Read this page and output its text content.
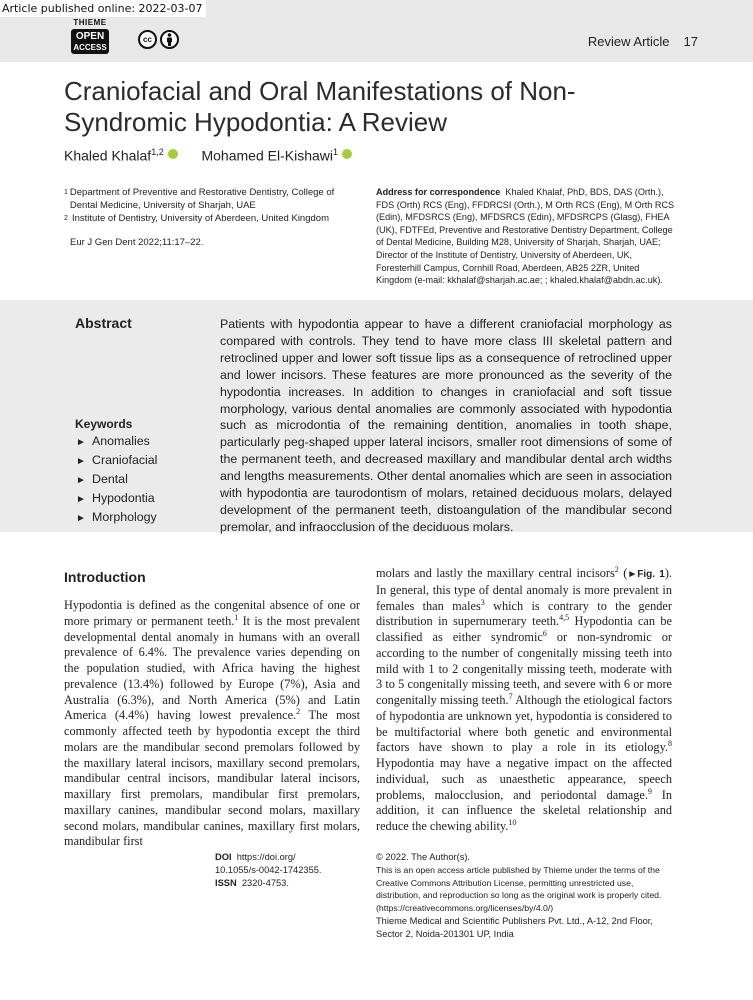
Article published online: 2022-03-07
THIEME
OPEN
ACCESS
cc	Review Article 17
Craniofacial and Oral Manifestations of Non-Syndromic Hypodontia: A Review
Khaled Khalaf$^{1,2}$	Mohamed El-Kishawi$^1$
1 Department of Preventive and Restorative Dentistry, College of Dental Medicine, University of Sharjah, UAE
2 Institute of Dentistry, University of Aberdeen, United Kingdom
Eur J Gen Dent 2022;11:17–22.
Address for correspondence Khaled Khalaf, PhD, BDS, DAS (Orth.), FDS (Orth) RCS (Eng), FFDRCSI (Orth.), M Orth RCS (Eng), M Orth RCS (Edin), MFDSRCS (Eng), MFDSRCS (Edin), MFDSRCPS (Glasg), FHEA (UK), FDTFEd, Preventive and Restorative Dentistry Department, College of Dental Medicine, Building M28, University of Sharjah, Sharjah, UAE; Director of the Institute of Dentistry, University of Aberdeen, UK, Foresterhill Campus, Cornhill Road, Aberdeen, AB25 2ZR, United Kingdom (e-mail: kkhalaf@sharjah.ac.ae; ; khaled.khalaf@abdn.ac.uk).
Abstract	Patients with hypodontia appear to have a different craniofacial morphology as compared with controls. They tend to have more class III skeletal pattern and retroclined upper and lower soft tissue lips as a consequence of retroclined upper and lower incisors. These features are more pronounced as the severity of the hypodontia increases. In addition to changes in craniofacial and soft tissue morphology, various dental anomalies are commonly associated with hypodontia such as microdontia of the remaining dentition, anomalies in tooth shape, particularly peg-shaped upper lateral incisors, smaller root dimensions of some of the permanent teeth, and decreased maxillary and mandibular dental arch widths and lengths measurements. Other dental anomalies which are seen in association with hypodontia are taurodontism of molars, retained deciduous molars, delayed development of the permanent teeth, distoangulation of the mandibular second premolar, and infraocclusion of the deciduous molars.
Keywords
► Anomalies
► Craniofacial
► Dental
► Hypodontia
► Morphology
Introduction
Hypodontia is defined as the congenital absence of one or more primary or permanent teeth.$^1$ It is the most prevalent developmental dental anomaly in humans with an overall prevalence of 6.4%. The prevalence varies depending on the population studied, with Africa having the highest prevalence (13.4%) followed by Europe (7%), Asia and Australia (6.3%), and North America (5%) and Latin America (4.4%) having lowest prevalence.$^2$ The most commonly affected teeth by hypodontia except the third molars are the mandibular second premolars followed by the maxillary lateral incisors, maxillary second premolars, mandibular central incisors, mandibular lateral incisors, maxillary first premolars, mandibular first premolars, maxillary canines, mandibular second molars, maxillary second molars, mandibular canines, maxillary first molars, mandibular first
molars and lastly the maxillary central incisors$^2$ (►Fig. 1). In general, this type of dental anomaly is more prevalent in females than males$^3$ which is contrary to the gender distribution in supernumerary teeth.$^{4,5}$ Hypodontia can be classified as either syndromic$^6$ or non-syndromic or according to the number of congenitally missing teeth into mild with 1 to 2 congenitally missing teeth, moderate with 3 to 5 congenitally missing teeth, and severe with 6 or more congenitally missing teeth.$^7$ Although the etiological factors of hypodontia are unknown yet, hypodontia is considered to be multifactorial where both genetic and environmental factors have shown to play a role in its etiology.$^8$ Hypodontia may have a negative impact on the affected individual, such as unaesthetic appearance, speech problems, malocclusion, and periodontal damage.$^9$ In addition, it can influence the skeletal relationship and reduce the chewing ability.$^{10}$
DOI https://doi.org/
10.1055/s-0042-1742355.
ISSN 2320-4753.
© 2022. The Author(s).
This is an open access article published by Thieme under the terms of the Creative Commons Attribution License, permitting unrestricted use, distribution, and reproduction so long as the original work is properly cited. (https://creativecommons.org/licenses/by/4.0/)
Thieme Medical and Scientific Publishers Pvt. Ltd., A-12, 2nd Floor, Sector 2, Noida-201301 UP, India
